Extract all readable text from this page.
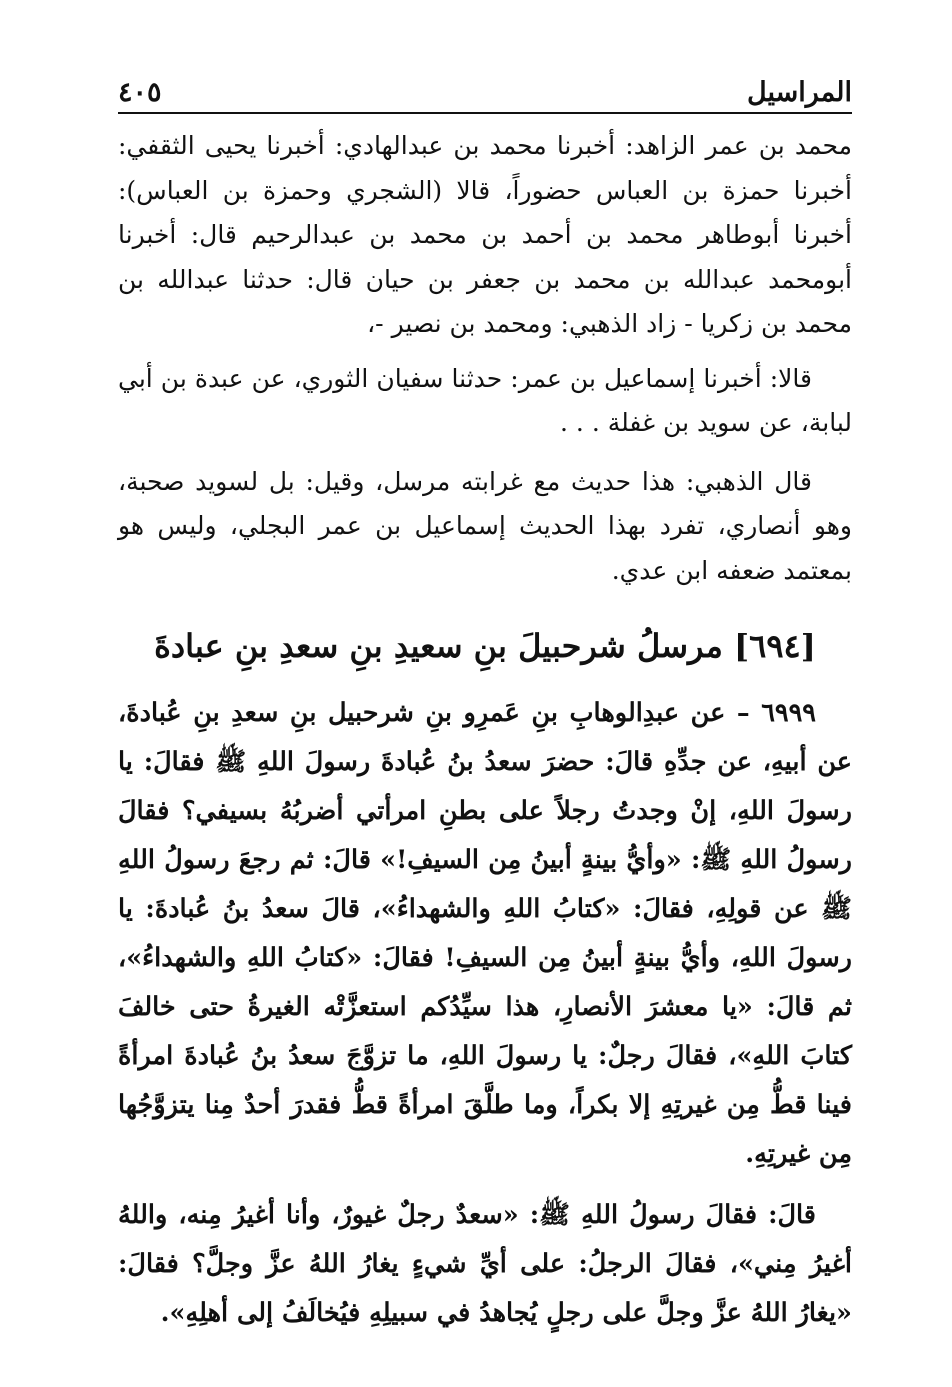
المراسيل
٤٠٥

محمد بن عمر الزاهد: أخبرنا محمد بن عبدالهادي: أخبرنا يحيى الثقفي: أخبرنا حمزة بن العباس حضوراً، قالا (الشجري وحمزة بن العباس): أخبرنا أبوطاهر محمد بن أحمد بن محمد بن عبدالرحيم قال: أخبرنا أبومحمد عبدالله بن محمد بن جعفر بن حيان قال: حدثنا عبدالله بن محمد بن زكريا - زاد الذهبي: ومحمد بن نصير -،

قالا: أخبرنا إسماعيل بن عمر: حدثنا سفيان الثوري، عن عبدة بن أبي لبابة، عن سويد بن غفلة . . .

قال الذهبي: هذا حديث مع غرابته مرسل، وقيل: بل لسويد صحبة، وهو أنصاري، تفرد بهذا الحديث إسماعيل بن عمر البجلي، وليس هو بمعتمد ضعفه ابن عدي.

[٦٩٤] مرسلُ شرحبيلَ بنِ سعيدِ بنِ سعدِ بنِ عبادةَ

٦٩٩٩ – عن عبدِالوهابِ بنِ عَمرِو بنِ شرحبيل بنِ سعدِ بنِ عُبادةَ، عن أبيهِ، عن جدِّهِ قالَ: حضرَ سعدُ بنُ عُبادةَ رسولَ اللهِ ﷺ فقالَ: يا رسولَ اللهِ، إنْ وجدتُ رجلاً على بطنِ امرأتي أضربُهُ بسيفي؟ فقالَ رسولُ اللهِ ﷺ: «وأيُّ بينةٍ أبينُ مِن السيفِ!» قالَ: ثم رجعَ رسولُ اللهِ ﷺ عن قولِهِ، فقالَ: «كتابُ اللهِ والشهداءُ»، قالَ سعدُ بنُ عُبادةَ: يا رسولَ اللهِ، وأيُّ بينةٍ أبينُ مِن السيفِ! فقالَ: «كتابُ اللهِ والشهداءُ»، ثم قالَ: «يا معشرَ الأنصارِ، هذا سيِّدُكم استعزَّتْه الغيرةُ حتى خالفَ كتابَ اللهِ»، فقالَ رجلٌ: يا رسولَ اللهِ، ما تزوَّجَ سعدُ بنُ عُبادةَ امرأةً فينا قطُّ مِن غيرتِهِ إلا بكراً، وما طلَّقَ امرأةً قطُّ فقدرَ أحدٌ مِنا يتزوَّجُها مِن غيرتِهِ.

قالَ: فقالَ رسولُ اللهِ ﷺ: «سعدٌ رجلٌ غيورٌ، وأنا أغيرُ مِنه، واللهُ أغيرُ مِني»، فقالَ الرجلُ: على أيِّ شيءٍ يغارُ اللهُ عزَّ وجلَّ؟ فقالَ: «يغارُ اللهُ عزَّ وجلَّ على رجلٍ يُجاهدُ في سبيلِهِ فيُخالَفُ إلى أهلِهِ».
